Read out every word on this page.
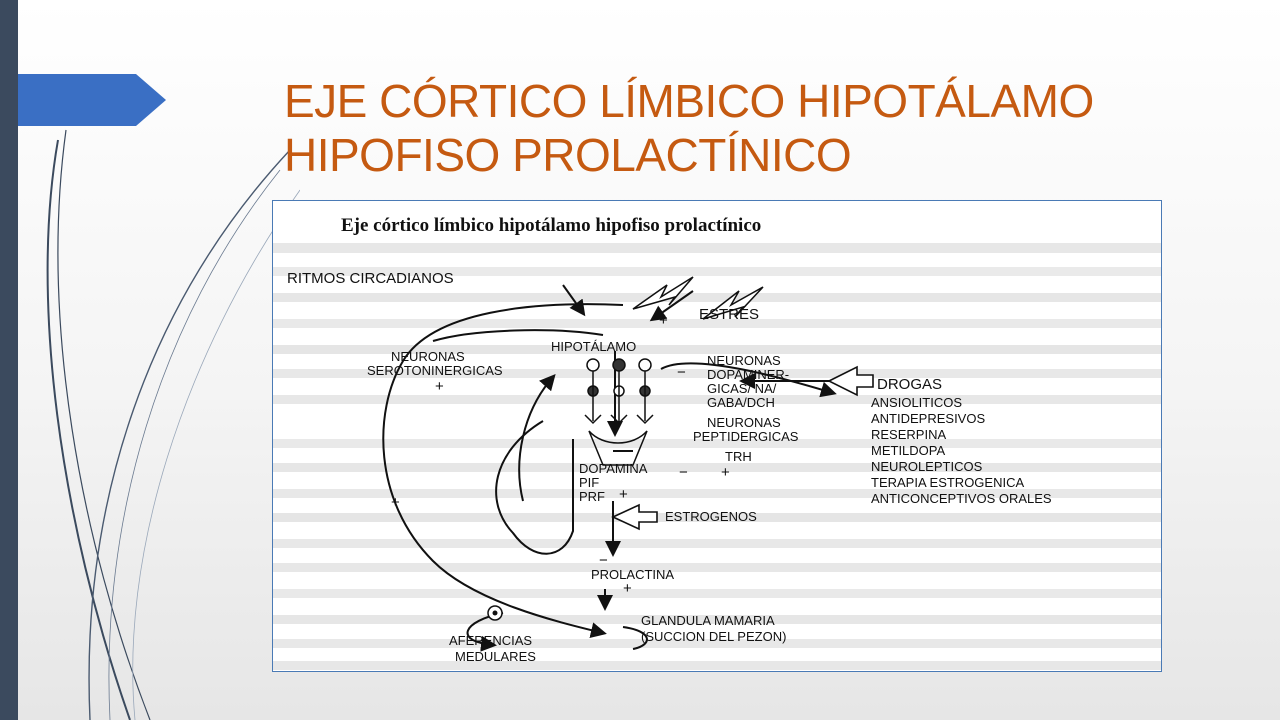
EJE CÓRTICO LÍMBICO HIPOTÁLAMO
HIPOFISO PROLACTÍNICO
Eje córtico límbico hipotálamo hipofiso prolactínico
RITMOS CIRCADIANOS
ESTRÉS
HIPOTÁLAMO
NEURONAS
SEROTONINERGICAS
NEURONAS
DOPAMINER-
GICAS/ NA/
GABA/DCH
NEURONAS
PEPTIDERGICAS
TRH
DOPAMINA
PIF
PRF
ESTROGENOS
PROLACTINA
GLANDULA MAMARIA
(SUCCION DEL PEZON)
AFERENCIAS
MEDULARES
DROGAS
ANSIOLITICOS
ANTIDEPRESIVOS
RESERPINA
METILDOPA
NEUROLEPTICOS
TERAPIA ESTROGENICA
ANTICONCEPTIVOS ORALES
+
+
−
− +
+
+
−
+
